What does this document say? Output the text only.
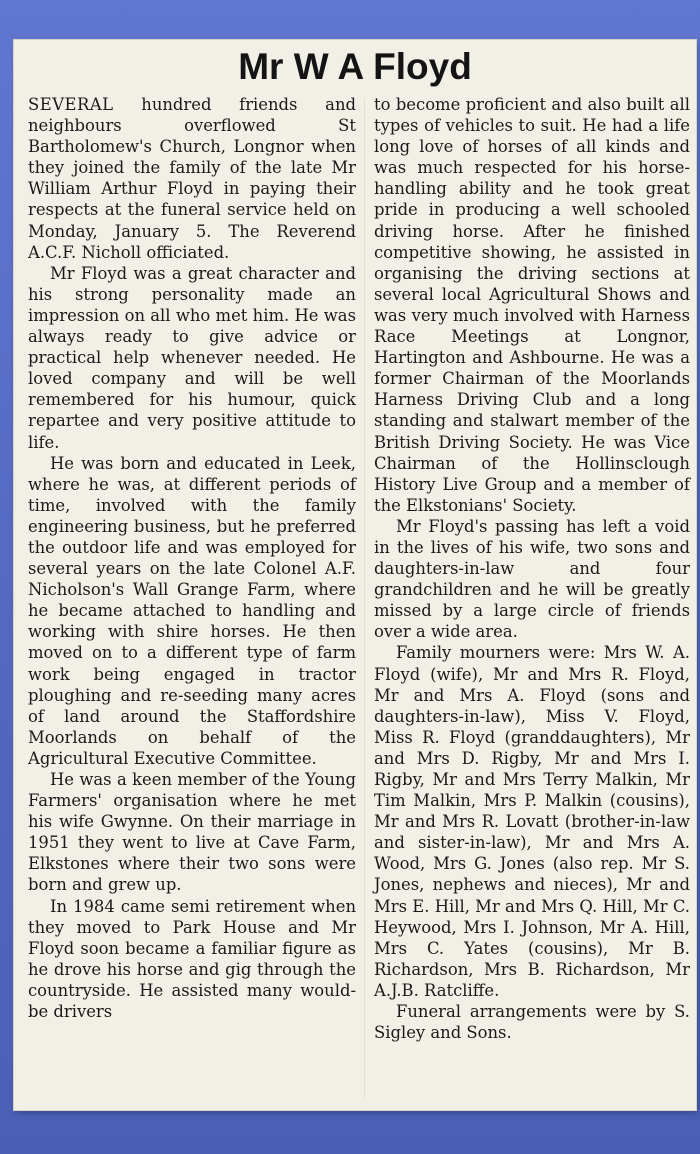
Mr W A Floyd

SEVERAL hundred friends and neighbours overflowed St Bartholomew's Church, Longnor when they joined the family of the late Mr William Arthur Floyd in paying their respects at the funeral service held on Monday, January 5. The Reverend A.C.F. Nicholl officiated.

Mr Floyd was a great character and his strong personality made an impression on all who met him. He was always ready to give advice or practical help whenever needed. He loved company and will be well remembered for his humour, quick repartee and very positive attitude to life.

He was born and educated in Leek, where he was, at different periods of time, involved with the family engineering business, but he preferred the outdoor life and was employed for several years on the late Colonel A.F. Nicholson's Wall Grange Farm, where he became attached to handling and working with shire horses. He then moved on to a different type of farm work being engaged in tractor ploughing and re-seeding many acres of land around the Staffordshire Moorlands on behalf of the Agricultural Executive Committee.

He was a keen member of the Young Farmers' organisation where he met his wife Gwynne. On their marriage in 1951 they went to live at Cave Farm, Elkstones where their two sons were born and grew up.

In 1984 came semi retirement when they moved to Park House and Mr Floyd soon became a familiar figure as he drove his horse and gig through the countryside. He assisted many would-be drivers

to become proficient and also built all types of vehicles to suit. He had a life long love of horses of all kinds and was much respected for his horse-handling ability and he took great pride in producing a well schooled driving horse. After he finished competitive showing, he assisted in organising the driving sections at several local Agricultural Shows and was very much involved with Harness Race Meetings at Longnor, Hartington and Ashbourne. He was a former Chairman of the Moorlands Harness Driving Club and a long standing and stalwart member of the British Driving Society. He was Vice Chairman of the Hollinsclough History Live Group and a member of the Elkstonians' Society.

Mr Floyd's passing has left a void in the lives of his wife, two sons and daughters-in-law and four grandchildren and he will be greatly missed by a large circle of friends over a wide area.

Family mourners were: Mrs W. A. Floyd (wife), Mr and Mrs R. Floyd, Mr and Mrs A. Floyd (sons and daughters-in-law), Miss V. Floyd, Miss R. Floyd (granddaughters), Mr and Mrs D. Rigby, Mr and Mrs I. Rigby, Mr and Mrs Terry Malkin, Mr Tim Malkin, Mrs P. Malkin (cousins), Mr and Mrs R. Lovatt (brother-in-law and sister-in-law), Mr and Mrs A. Wood, Mrs G. Jones (also rep. Mr S. Jones, nephews and nieces), Mr and Mrs E. Hill, Mr and Mrs Q. Hill, Mr C. Heywood, Mrs I. Johnson, Mr A. Hill, Mrs C. Yates (cousins), Mr B. Richardson, Mrs B. Richardson, Mr A.J.B. Ratcliffe.

Funeral arrangements were by S. Sigley and Sons.
